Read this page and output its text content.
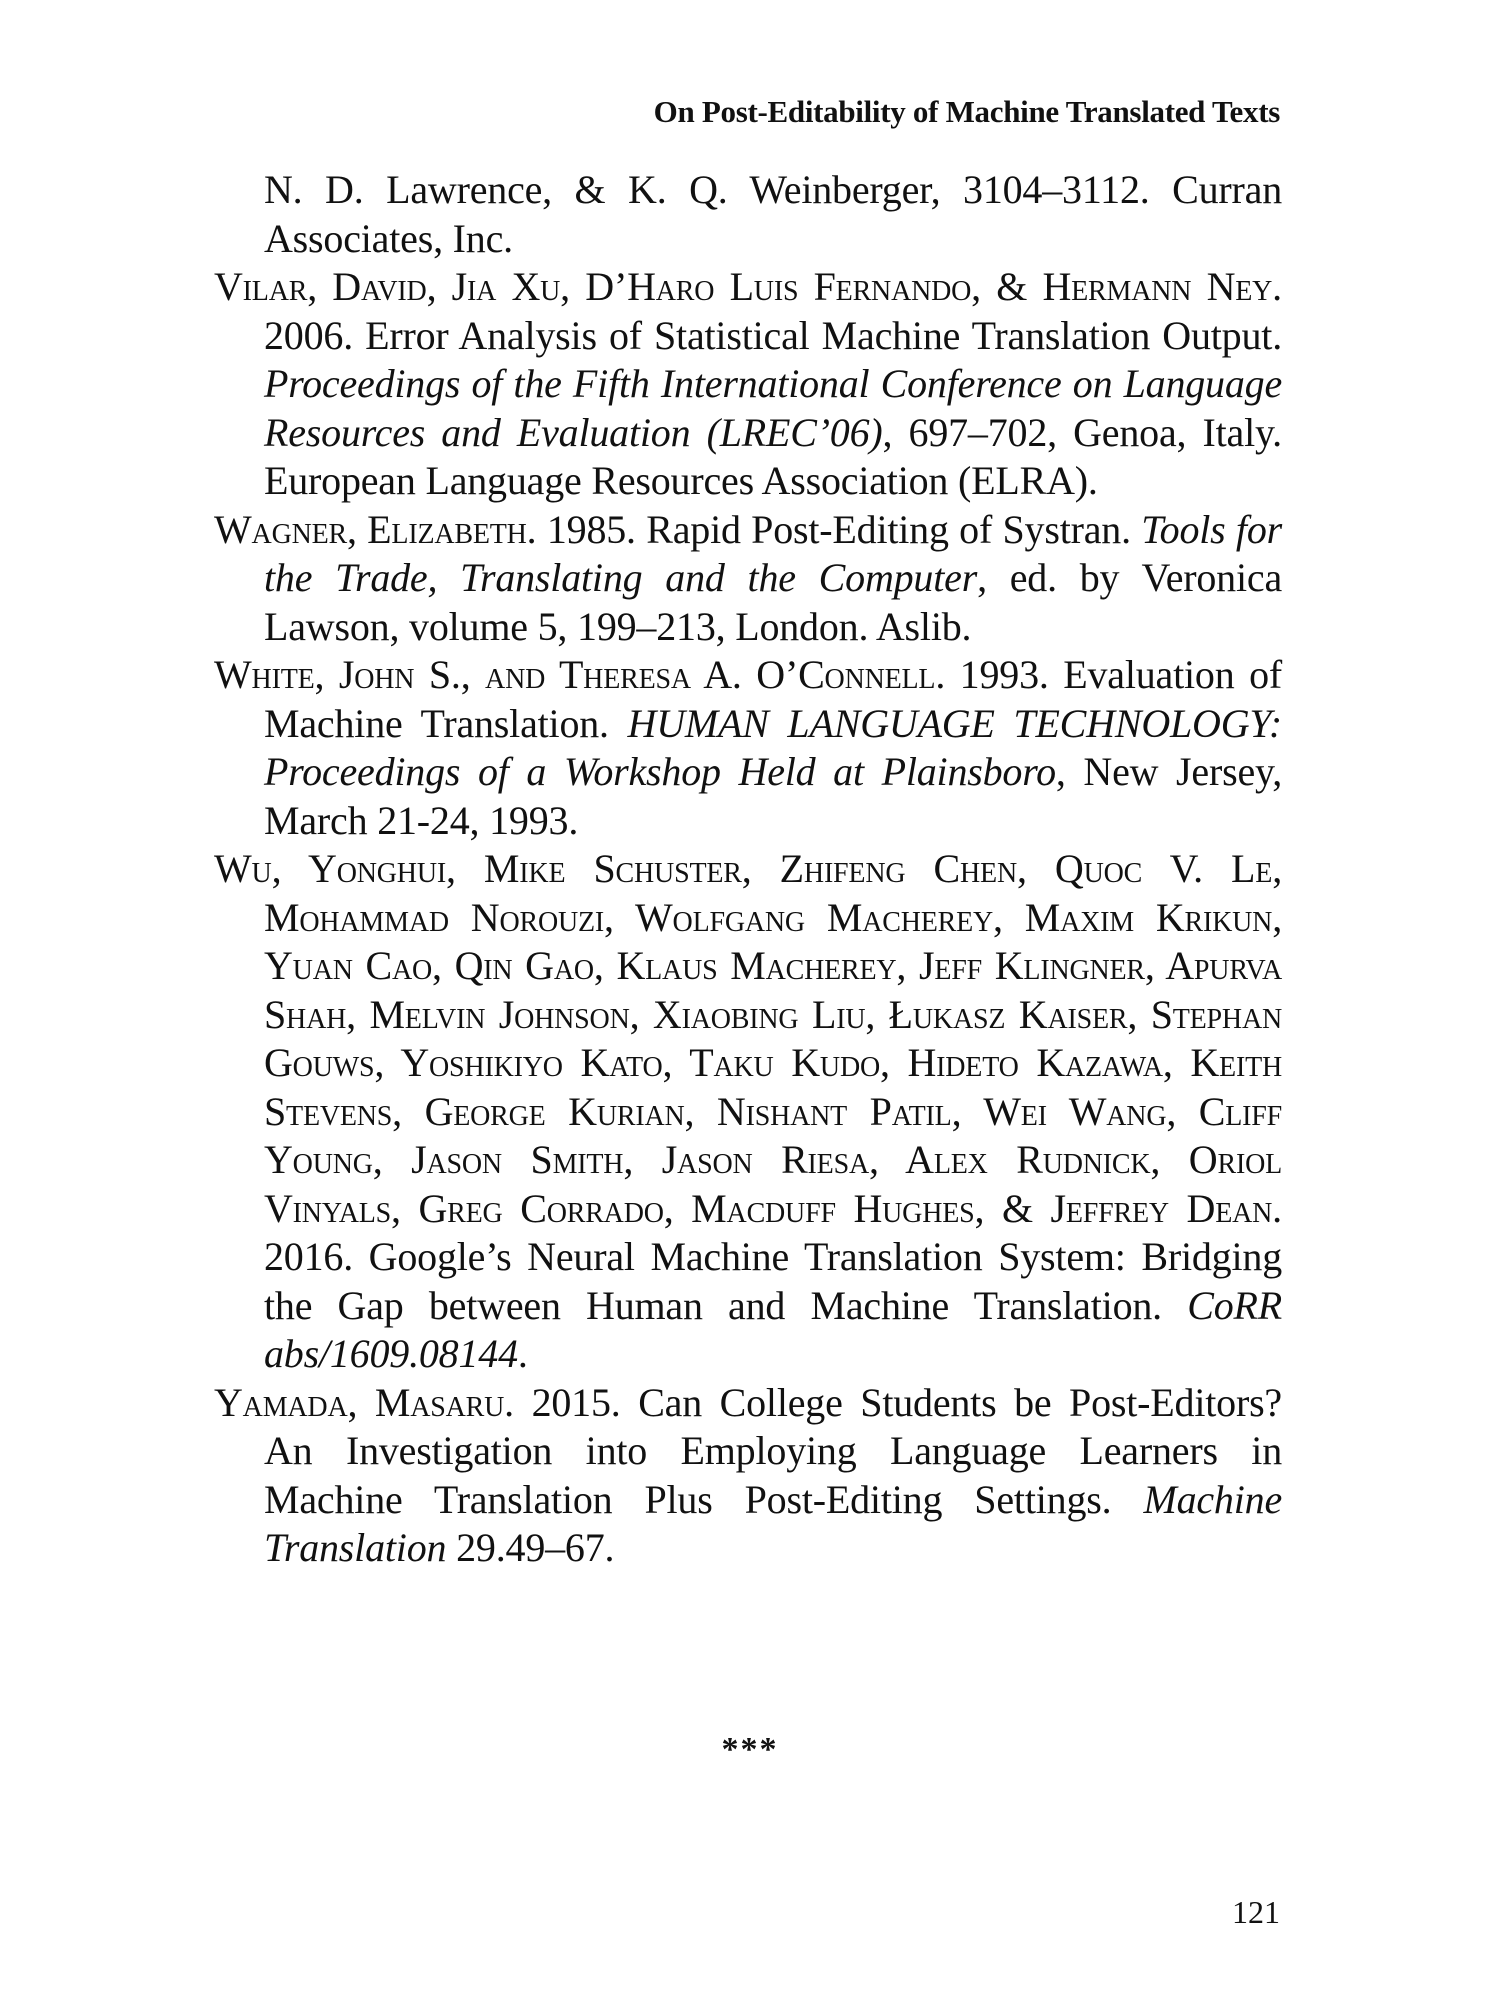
On Post-Editability of Machine Translated Texts

N. D. Lawrence, & K. Q. Weinberger, 3104–3112. Curran Associates, Inc.

Vilar, David, Jia Xu, D’Haro Luis Fernando, & Hermann Ney. 2006. Error Analysis of Statistical Machine Translation Output. Proceedings of the Fifth International Conference on Language Resources and Evaluation (LREC’06), 697–702, Genoa, Italy. European Language Resources Association (ELRA).

Wagner, Elizabeth. 1985. Rapid Post-Editing of Systran. Tools for the Trade, Translating and the Computer, ed. by Veronica Lawson, volume 5, 199–213, London. Aslib.

White, John S., and Theresa A. O’Connell. 1993. Evaluation of Machine Translation. HUMAN LANGUAGE TECHNOLOGY: Proceedings of a Workshop Held at Plainsboro, New Jersey, March 21-24, 1993.

Wu, Yonghui, Mike Schuster, Zhifeng Chen, Quoc V. Le, Mohammad Norouzi, Wolfgang Macherey, Maxim Krikun, Yuan Cao, Qin Gao, Klaus Macherey, Jeff Klingner, Apurva Shah, Melvin Johnson, Xiaobing Liu, Łukasz Kaiser, Stephan Gouws, Yoshikiyo Kato, Taku Kudo, Hideto Kazawa, Keith Stevens, George Kurian, Nishant Patil, Wei Wang, Cliff Young, Jason Smith, Jason Riesa, Alex Rudnick, Oriol Vinyals, Greg Corrado, Macduff Hughes, & Jeffrey Dean. 2016. Google’s Neural Machine Translation System: Bridging the Gap between Human and Machine Translation. CoRR abs/1609.08144.

Yamada, Masaru. 2015. Can College Students be Post-Editors? An Investigation into Employing Language Learners in Machine Translation Plus Post-Editing Settings. Machine Translation 29.49–67.

***
121
